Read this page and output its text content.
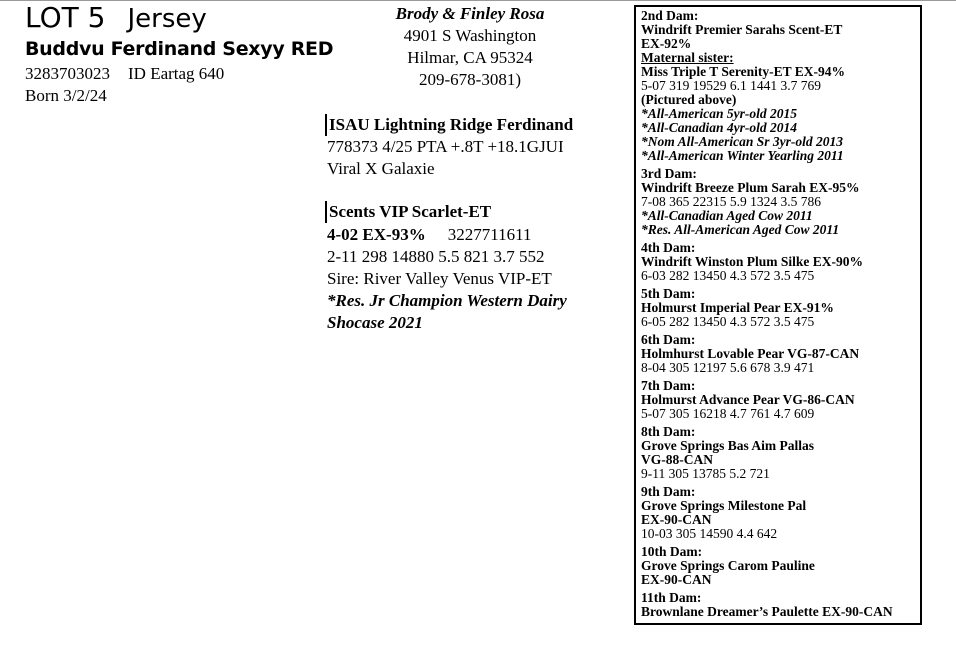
LOT 5 Jersey
Buddvu Ferdinand Sexyy RED
3283703023 ID Eartag 640
Born 3/2/24
Brody & Finley Rosa
4901 S Washington
Hilmar, CA 95324
209-678-3081)
ISAU Lightning Ridge Ferdinand
778373 4/25 PTA +.8T +18.1GJUI
Viral X Galaxie
Scents VIP Scarlet-ET
4-02 EX-93% 3227711611
2-11 298 14880 5.5 821 3.7 552
Sire: River Valley Venus VIP-ET
*Res. Jr Champion Western Dairy
Shocase 2021
2nd Dam:
Windrift Premier Sarahs Scent-ET
EX-92%
Maternal sister:
Miss Triple T Serenity-ET EX-94%
5-07 319 19529 6.1 1441 3.7 769
(Pictured above)
*All-American 5yr-old 2015
*All-Canadian 4yr-old 2014
*Nom All-American Sr 3yr-old 2013
*All-American Winter Yearling 2011
3rd Dam:
Windrift Breeze Plum Sarah EX-95%
7-08 365 22315 5.9 1324 3.5 786
*All-Canadian Aged Cow 2011
*Res. All-American Aged Cow 2011
4th Dam:
Windrift Winston Plum Silke EX-90%
6-03 282 13450 4.3 572 3.5 475
5th Dam:
Holmurst Imperial Pear EX-91%
6-05 282 13450 4.3 572 3.5 475
6th Dam:
Holmhurst Lovable Pear VG-87-CAN
8-04 305 12197 5.6 678 3.9 471
7th Dam:
Holmurst Advance Pear VG-86-CAN
5-07 305 16218 4.7 761 4.7 609
8th Dam:
Grove Springs Bas Aim Pallas
VG-88-CAN
9-11 305 13785 5.2 721
9th Dam:
Grove Springs Milestone Pal
EX-90-CAN
10-03 305 14590 4.4 642
10th Dam:
Grove Springs Carom Pauline
EX-90-CAN
11th Dam:
Brownlane Dreamer’s Paulette EX-90-CAN
